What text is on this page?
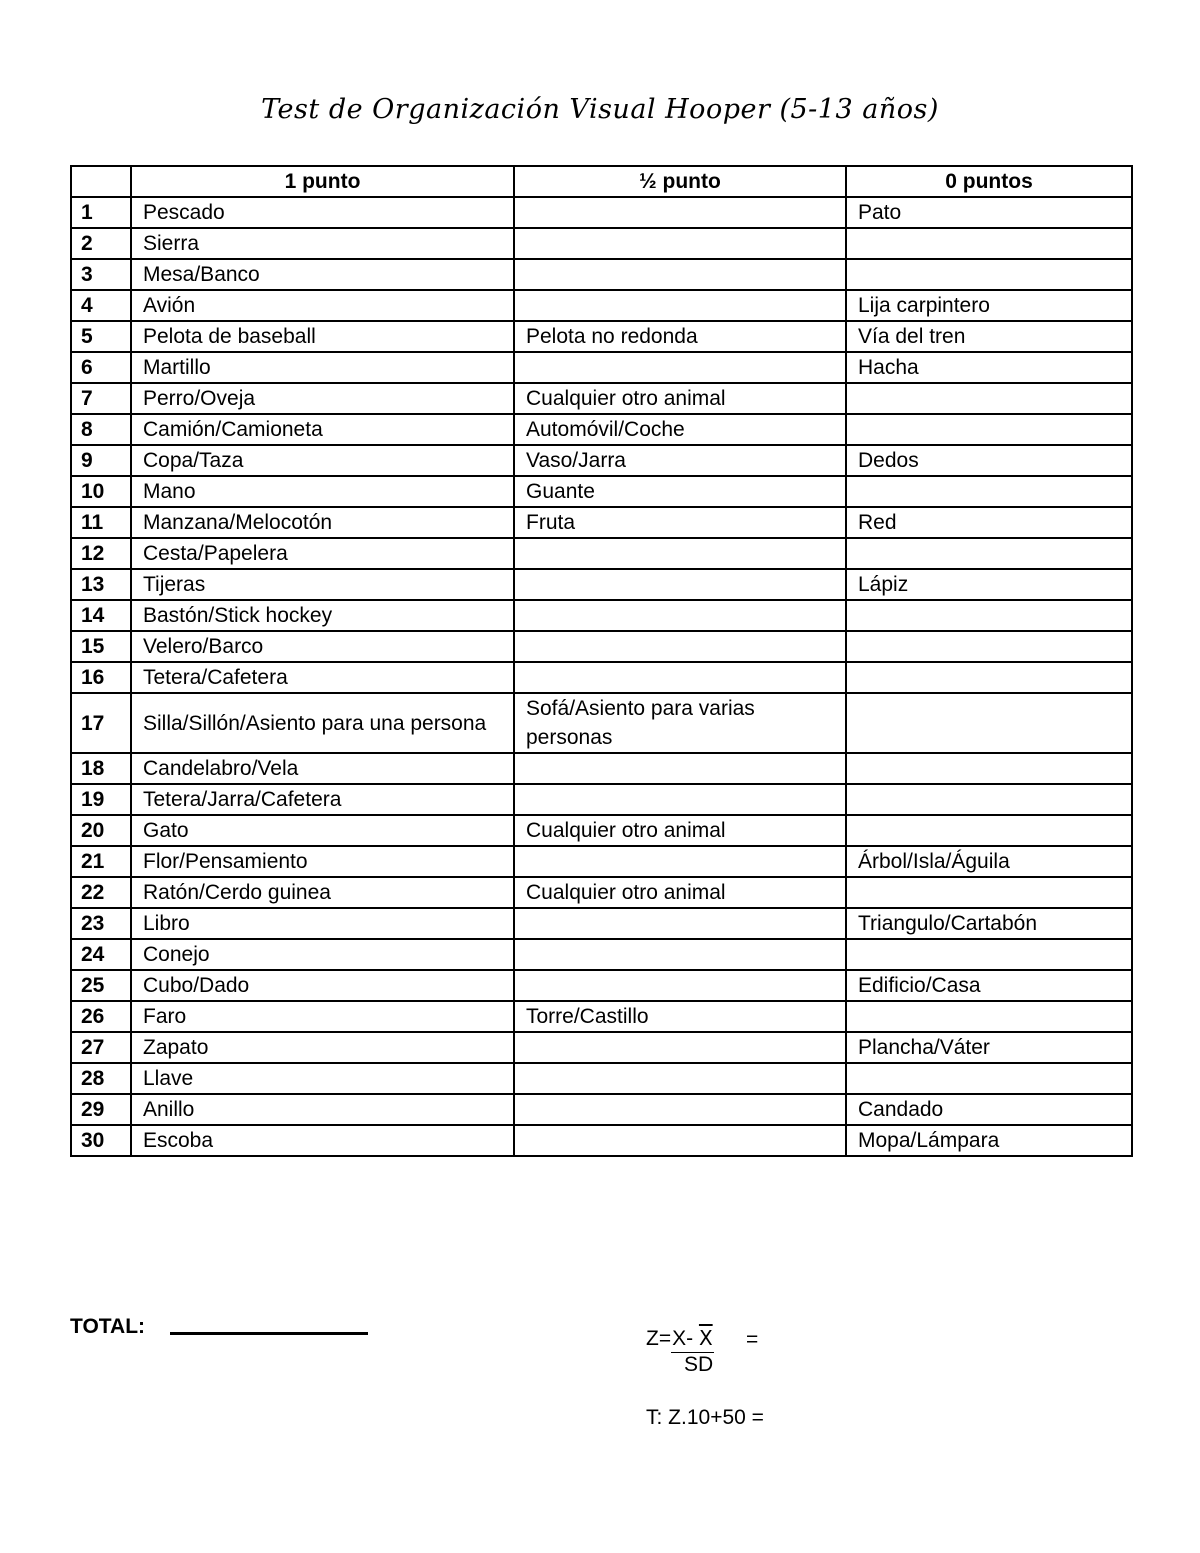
Test de Organización Visual Hooper (5-13 años)
	1 punto	½ punto	0 puntos
1	Pescado		Pato
2	Sierra		
3	Mesa/Banco		
4	Avión		Lija carpintero
5	Pelota de baseball	Pelota no redonda	Vía del tren
6	Martillo		Hacha
7	Perro/Oveja	Cualquier otro animal	
8	Camión/Camioneta	Automóvil/Coche	
9	Copa/Taza	Vaso/Jarra	Dedos
10	Mano	Guante	
11	Manzana/Melocotón	Fruta	Red
12	Cesta/Papelera		
13	Tijeras		Lápiz
14	Bastón/Stick hockey		
15	Velero/Barco		
16	Tetera/Cafetera		
17	Silla/Sillón/Asiento para una persona	Sofá/Asiento para varias personas	
18	Candelabro/Vela		
19	Tetera/Jarra/Cafetera		
20	Gato	Cualquier otro animal	
21	Flor/Pensamiento		Árbol/Isla/Águila
22	Ratón/Cerdo guinea	Cualquier otro animal	
23	Libro		Triangulo/Cartabón
24	Conejo		
25	Cubo/Dado		Edificio/Casa
26	Faro	Torre/Castillo	
27	Zapato		Plancha/Váter
28	Llave		
29	Anillo		Candado
30	Escoba		Mopa/Lámpara
TOTAL:
Z=X- $\overline{X}$ =
SD
T: Z.10+50 =
